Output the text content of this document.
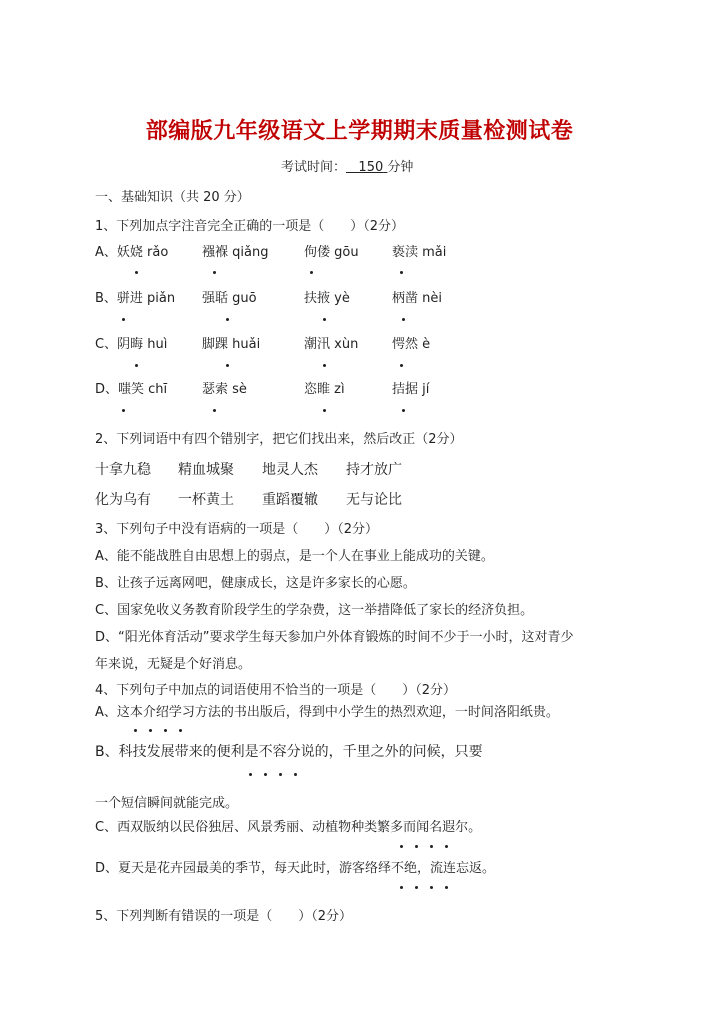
部编版九年级语文上学期期末质量检测试卷
考试时间： 150 分钟
一、基础知识（共 20 分）
1、下列加点字注音完全正确的一项是（　　）（2分）
A、妖娆 rǎo	襁褓 qiǎng	佝偻 gōu	亵渎 mǎi
B、骈进 piǎn 强聒 guō	扶掖 yè	柄凿 nèi
C、阴晦 huì	脚踝 huǎi	潮汛 xùn	愕然 è
D、嗤笑 chī	瑟索 sè	恣睢 zì	拮据 jí
2、下列词语中有四个错别字，把它们找出来，然后改正（2分）
十拿九稳 精血城聚 地灵人杰 持才放广
化为乌有 一杯黄土 重蹈覆辙 无与论比
3、下列句子中没有语病的一项是（　　）（2分）
A、能不能战胜自由思想上的弱点，是一个人在事业上能成功的关键。
B、让孩子远离网吧，健康成长，这是许多家长的心愿。
C、国家免收义务教育阶段学生的学杂费，这一举措降低了家长的经济负担。
D、“阳光体育活动”要求学生每天参加户外体育锻炼的时间不少于一小时，这对青少
年来说，无疑是个好消息。
4、下列句子中加点的词语使用不恰当的一项是（　　）（2分）
A、这本介绍学习方法的书出版后，得到中小学生的热烈欢迎，一时间洛阳纸贵。
B、科技发展带来的便利是不容分说的，千里之外的问候，只要
一个短信瞬间就能完成。
C、西双版纳以民俗独居、风景秀丽、动植物种类繁多而闻名遐尔。
D、夏天是花卉园最美的季节，每天此时，游客络绎不绝，流连忘返。
5、下列判断有错误的一项是（　　）（2分）
